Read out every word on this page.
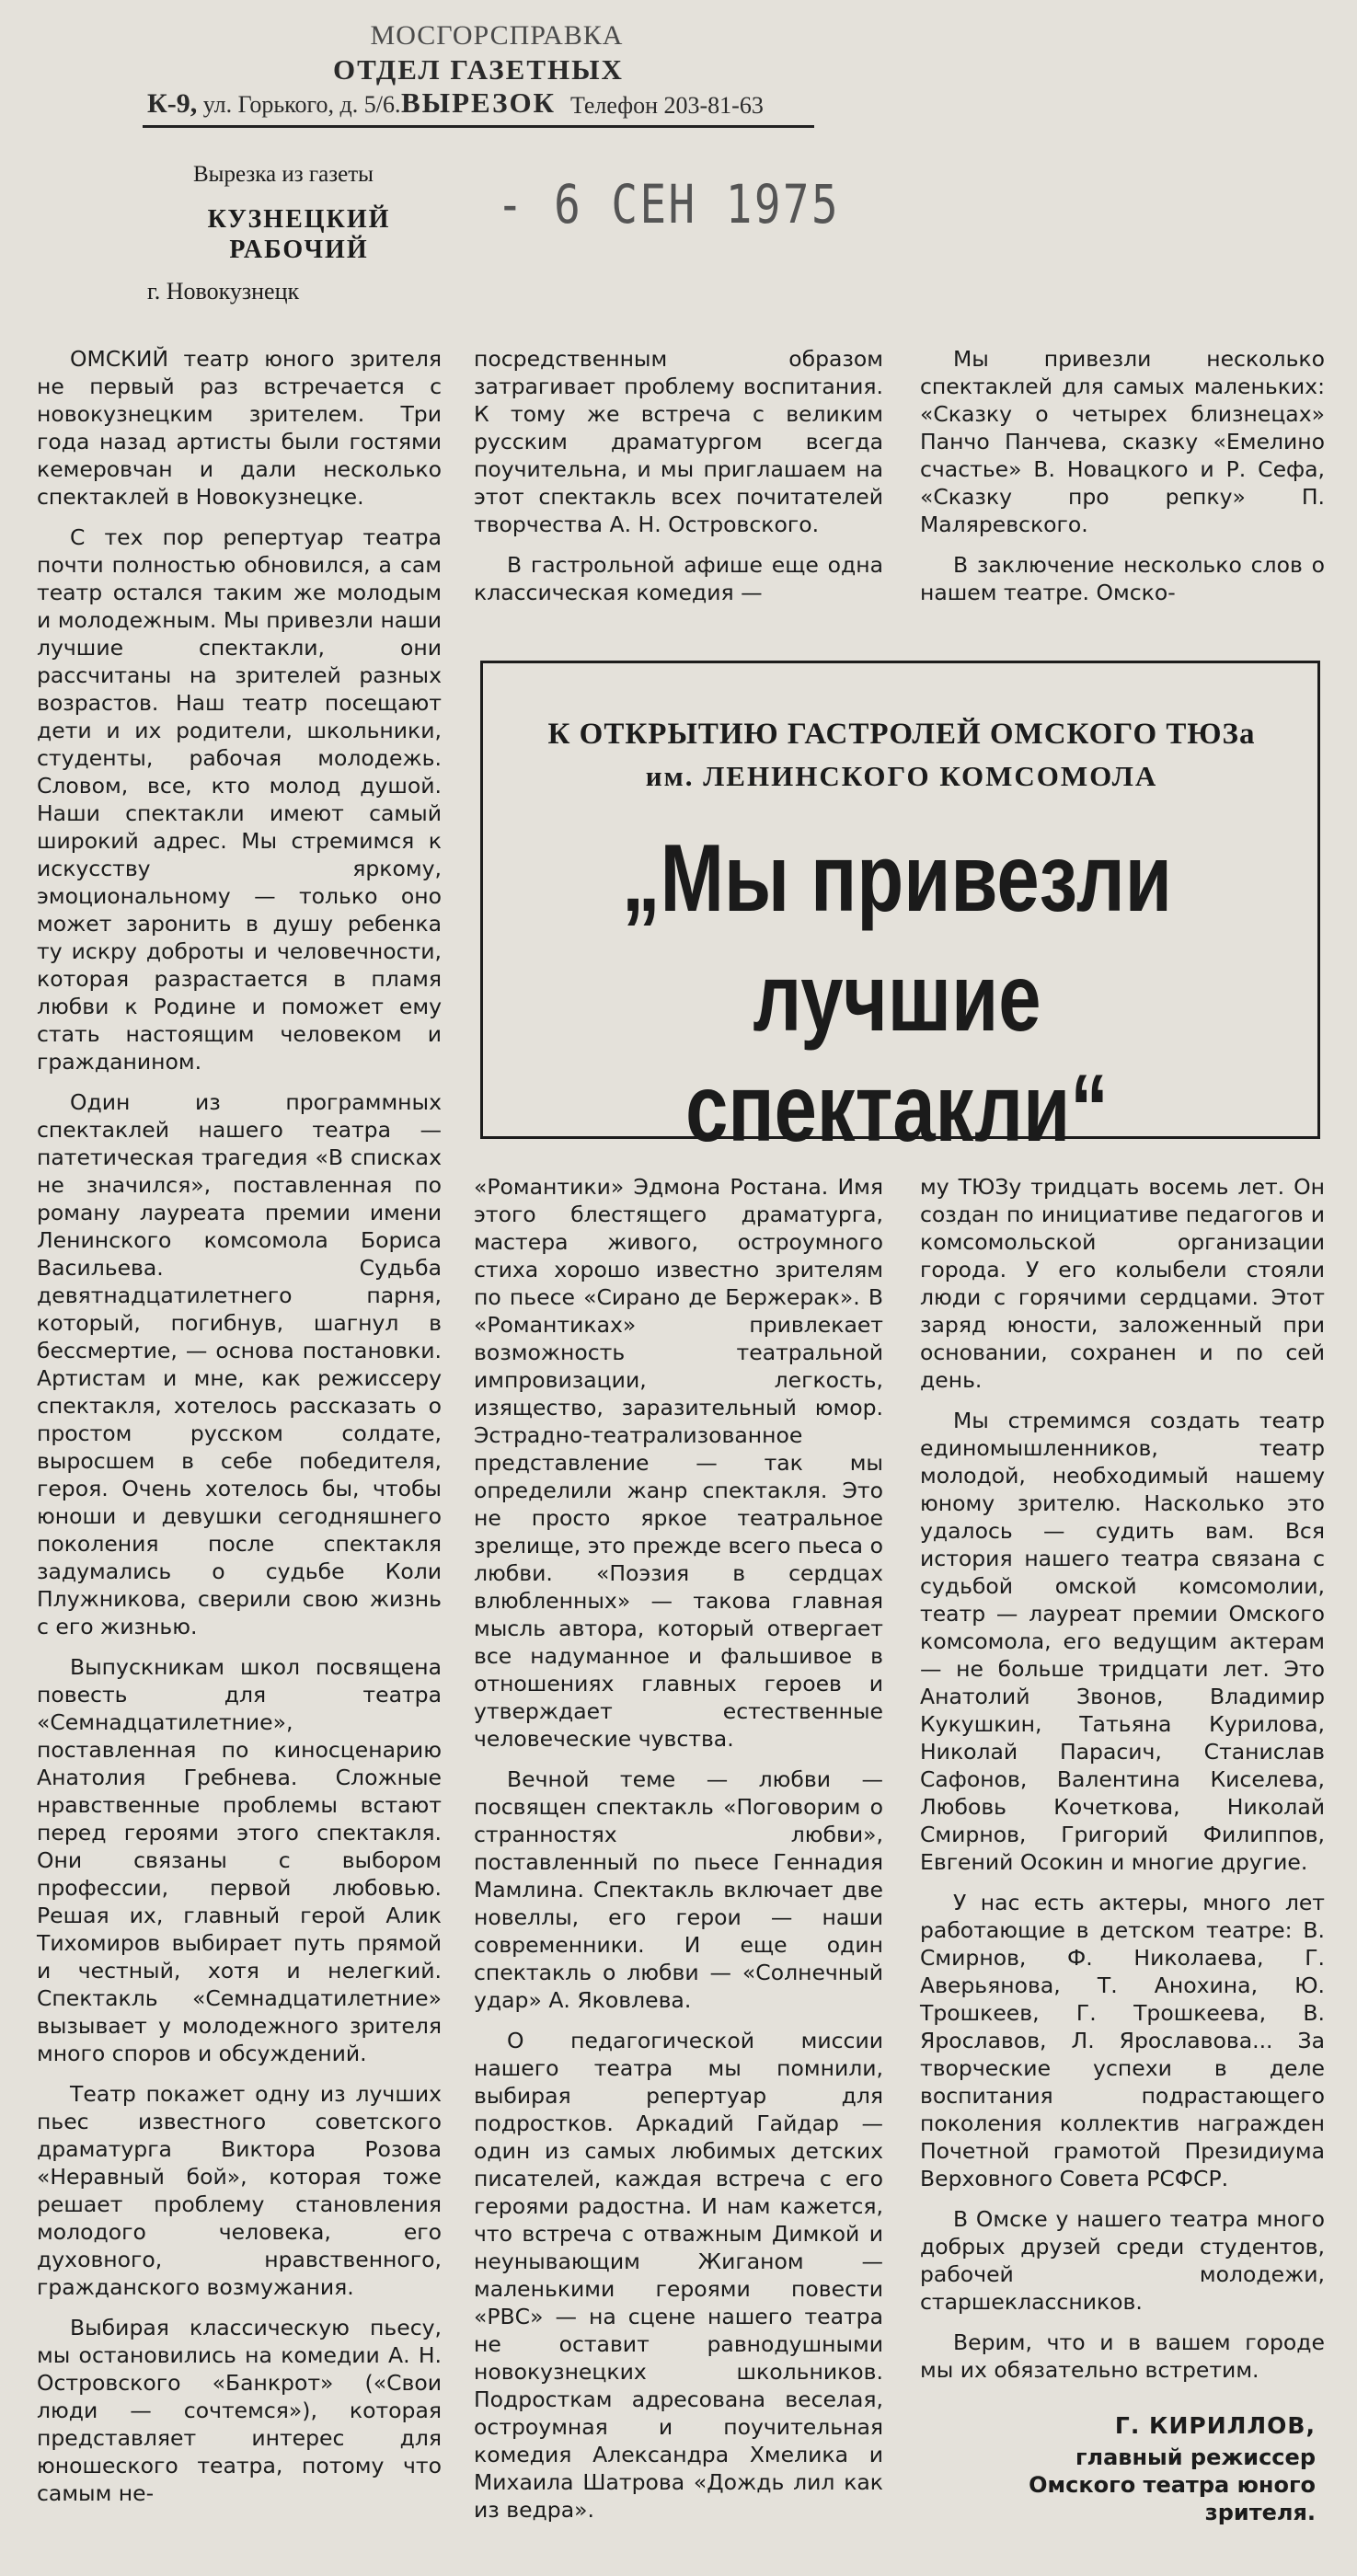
МОСГОРСПРАВКА
ОТДЕЛ ГАЗЕТНЫХ ВЫРЕЗОК
К-9, ул. Горького, д. 5/6.	Телефон 203-81-63
Вырезка из газеты
КУЗНЕЦКИЙ РАБОЧИЙ
г. Новокузнецк
- 6 СЕН 1975
К ОТКРЫТИЮ ГАСТРОЛЕЙ ОМСКОГО ТЮЗа
им. ЛЕНИНСКОГО КОМСОМОЛА
„Мы привезли
лучшие спектакли“

ОМСКИЙ театр юного зрителя не первый раз встречается с новокузнецким зрителем. Три года назад артисты были гостями кемеровчан и дали несколько спектаклей в Новокузнецке.

С тех пор репертуар театра почти полностью обновился, а сам театр остался таким же молодым и молодежным. Мы привезли наши лучшие спектакли, они рассчитаны на зрителей разных возрастов. Наш театр посещают дети и их родители, школьники, студенты, рабочая молодежь. Словом, все, кто молод душой. Наши спектакли имеют самый широкий адрес. Мы стремимся к искусству яркому, эмоциональному — только оно может заронить в душу ребенка ту искру доброты и человечности, которая разрастается в пламя любви к Родине и поможет ему стать настоящим человеком и гражданином.

Один из программных спектаклей нашего театра — патетическая трагедия «В списках не значился», поставленная по роману лауреата премии имени Ленинского комсомола Бориса Васильева. Судьба девятнадцатилетнего парня, который, погибнув, шагнул в бессмертие, — основа постановки. Артистам и мне, как режиссеру спектакля, хотелось рассказать о простом русском солдате, выросшем в себе победителя, героя. Очень хотелось бы, чтобы юноши и девушки сегодняшнего поколения после спектакля задумались о судьбе Коли Плужникова, сверили свою жизнь с его жизнью.

Выпускникам школ посвящена повесть для театра «Семнадцатилетние», поставленная по киносценарию Анатолия Гребнева. Сложные нравственные проблемы встают перед героями этого спектакля. Они связаны с выбором профессии, первой любовью. Решая их, главный герой Алик Тихомиров выбирает путь прямой и честный, хотя и нелегкий. Спектакль «Семнадцатилетние» вызывает у молодежного зрителя много споров и обсуждений.

Театр покажет одну из лучших пьес известного советского драматурга Виктора Розова «Неравный бой», которая тоже решает проблему становления молодого человека, его духовного, нравственного, гражданского возмужания.

Выбирая классическую пьесу, мы остановились на комедии А. Н. Островского «Банкрот» («Свои люди — сочтемся»), которая представляет интерес для юношеского театра, потому что самым не-

посредственным образом затрагивает проблему воспитания. К тому же встреча с великим русским драматургом всегда поучительна, и мы приглашаем на этот спектакль всех почитателей творчества А. Н. Островского.

В гастрольной афише еще одна классическая комедия —

Мы привезли несколько спектаклей для самых маленьких: «Сказку о четырех близнецах» Панчо Панчева, сказку «Емелино счастье» В. Новацкого и Р. Сефа, «Сказку про репку» П. Маляревского.

В заключение несколько слов о нашем театре. Омско-

«Романтики» Эдмона Ростана. Имя этого блестящего драматурга, мастера живого, остроумного стиха хорошо известно зрителям по пьесе «Сирано де Бержерак». В «Романтиках» привлекает возможность театральной импровизации, легкость, изящество, заразительный юмор. Эстрадно-театрализованное представление — так мы определили жанр спектакля. Это не просто яркое театральное зрелище, это прежде всего пьеса о любви. «Поэзия в сердцах влюбленных» — такова главная мысль автора, который отвергает все надуманное и фальшивое в отношениях главных героев и утверждает естественные человеческие чувства.

Вечной теме — любви — посвящен спектакль «Поговорим о странностях любви», поставленный по пьесе Геннадия Мамлина. Спектакль включает две новеллы, его герои — наши современники. И еще один спектакль о любви — «Солнечный удар» А. Яковлева.

О педагогической миссии нашего театра мы помнили, выбирая репертуар для подростков. Аркадий Гайдар — один из самых любимых детских писателей, каждая встреча с его героями радостна. И нам кажется, что встреча с отважным Димкой и неунывающим Жиганом — маленькими героями повести «РВС» — на сцене нашего театра не оставит равнодушными новокузнецких школьников. Подросткам адресована веселая, остроумная и поучительная комедия Александра Хмелика и Михаила Шатрова «Дождь лил как из ведра».

му ТЮЗу тридцать восемь лет. Он создан по инициативе педагогов и комсомольской организации города. У его колыбели стояли люди с горячими сердцами. Этот заряд юности, заложенный при основании, сохранен и по сей день.

Мы стремимся создать театр единомышленников, театр молодой, необходимый нашему юному зрителю. Насколько это удалось — судить вам. Вся история нашего театра связана с судьбой омской комсомолии, театр — лауреат премии Омского комсомола, его ведущим актерам — не больше тридцати лет. Это Анатолий Звонов, Владимир Кукушкин, Татьяна Курилова, Николай Парасич, Станислав Сафонов, Валентина Киселева, Любовь Кочеткова, Николай Смирнов, Григорий Филиппов, Евгений Осокин и многие другие.

У нас есть актеры, много лет работающие в детском театре: В. Смирнов, Ф. Николаева, Г. Аверьянова, Т. Анохина, Ю. Трошкеев, Г. Трошкеева, В. Ярославов, Л. Ярославова... За творческие успехи в деле воспитания подрастающего поколения коллектив награжден Почетной грамотой Президиума Верховного Совета РСФСР.

В Омске у нашего театра много добрых друзей среди студентов, рабочей молодежи, старшеклассников.

Верим, что и в вашем городе мы их обязательно встретим.

Г. КИРИЛЛОВ,
главный режиссер Омского театра юного зрителя.
